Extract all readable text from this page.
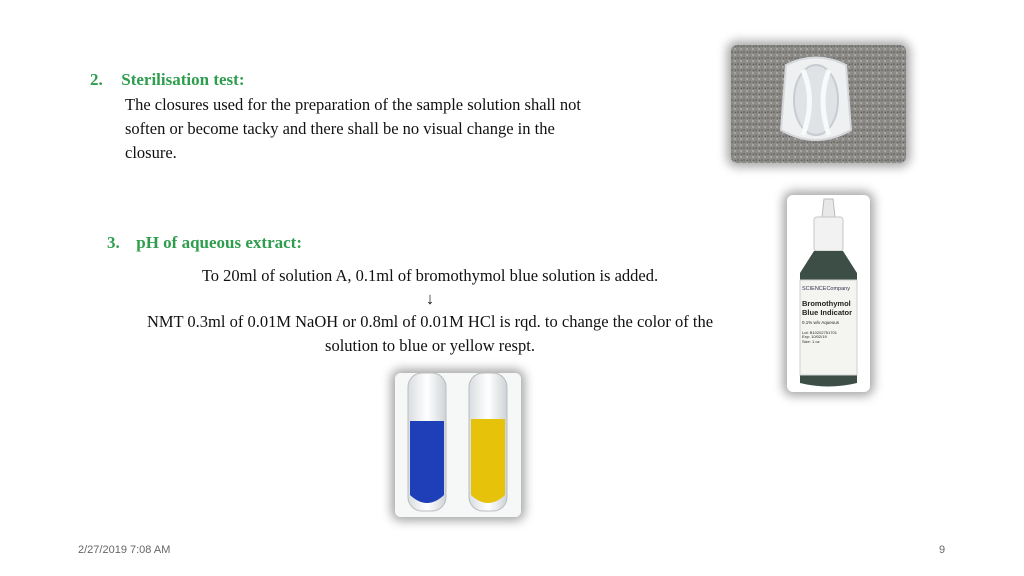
2. Sterilisation test:
The closures used for the preparation of the sample solution shall not
soften or become tacky and there shall be no visual change in the
closure.
3. pH of aqueous extract:
To 20ml of solution A, 0.1ml of bromothymol blue solution is added.
↓
NMT 0.3ml of 0.01M NaOH or 0.8ml of 0.01M HCl is rqd. to change the color of the
solution to blue or yellow respt.
SCIENCECompany
Bromothymol
Blue Indicator
0.1% w/v Aqueous
Lot: B10202751701
Exp: 10/02/19
Size: 1 oz
2/27/2019 7:08 AM	9
